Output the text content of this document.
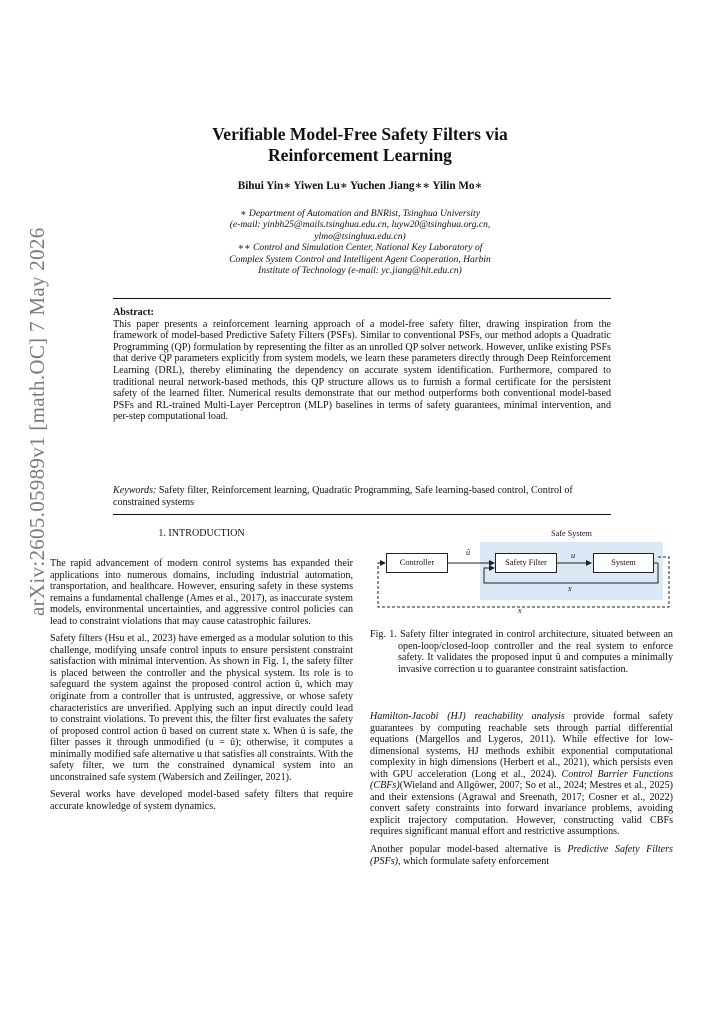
arXiv:2605.05989v1 [math.OC] 7 May 2026
Verifiable Model-Free Safety Filters via
Reinforcement Learning
Bihui Yin∗ Yiwen Lu∗ Yuchen Jiang∗∗ Yilin Mo∗
∗ Department of Automation and BNRist, Tsinghua University
(e-mail: yinbh25@mails.tsinghua.edu.cn, luyw20@tsinghua.org.cn,
ylmo@tsinghua.edu.cn)
∗∗ Control and Simulation Center, National Key Laboratory of
Complex System Control and Intelligent Agent Cooperation, Harbin
Institute of Technology (e-mail: yc.jiang@hit.edu.cn)
Abstract:
This paper presents a reinforcement learning approach of a model-free safety filter, drawing inspiration from the framework of model-based Predictive Safety Filters (PSFs). Similar to conventional PSFs, our method adopts a Quadratic Programming (QP) formulation by representing the filter as an unrolled QP solver network. However, unlike existing PSFs that derive QP parameters explicitly from system models, we learn these parameters directly through Deep Reinforcement Learning (DRL), thereby eliminating the dependency on accurate system identification. Furthermore, compared to traditional neural network-based methods, this QP structure allows us to furnish a formal certificate for the persistent safety of the learned filter. Numerical results demonstrate that our method outperforms both conventional model-based PSFs and RL-trained Multi-Layer Perceptron (MLP) baselines in terms of safety guarantees, minimal intervention, and per-step computational load.
Keywords: Safety filter, Reinforcement learning, Quadratic Programming, Safe learning-based control, Control of constrained systems
1. INTRODUCTION

The rapid advancement of modern control systems has expanded their applications into numerous domains, including industrial automation, transportation, and healthcare. However, ensuring safety in these systems remains a fundamental challenge (Ames et al., 2017), as inaccurate system models, environmental uncertainties, and aggressive control policies can lead to constraint violations that may cause catastrophic failures.

Safety filters (Hsu et al., 2023) have emerged as a modular solution to this challenge, modifying unsafe control inputs to ensure persistent constraint satisfaction with minimal intervention. As shown in Fig. 1, the safety filter is placed between the controller and the physical system. Its role is to safeguard the system against the proposed control action û, which may originate from a controller that is untrusted, aggressive, or whose safety characteristics are unverified. Applying such an input directly could lead to constraint violations. To prevent this, the filter first evaluates the safety of proposed control action û based on current state x. When û is safe, the filter passes it through unmodified (u = û); otherwise, it computes a minimally modified safe alternative u that satisfies all constraints. With the safety filter, we turn the constrained dynamical system into an unconstrained safe system (Wabersich and Zeilinger, 2021).

Several works have developed model-based safety filters that require accurate knowledge of system dynamics.

Safe System
Controller	Safety Filter	System
û	u
x
x
Fig. 1. Safety filter integrated in control architecture, situated between an open-loop/closed-loop controller and the real system to enforce safety. It validates the proposed input û and computes a minimally invasive correction u to guarantee constraint satisfaction.

Hamilton-Jacobi (HJ) reachability analysis provide formal safety guarantees by computing reachable sets through partial differential equations (Margellos and Lygeros, 2011). While effective for low-dimensional systems, HJ methods exhibit exponential computational complexity in high dimensions (Herbert et al., 2021), which persists even with GPU acceleration (Long et al., 2024). Control Barrier Functions (CBFs)(Wieland and Allgöwer, 2007; So et al., 2024; Mestres et al., 2025) and their extensions (Agrawal and Sreenath, 2017; Cosner et al., 2022) convert safety constraints into forward invariance problems, avoiding explicit trajectory computation. However, constructing valid CBFs requires significant manual effort and restrictive assumptions.

Another popular model-based alternative is Predictive Safety Filters (PSFs), which formulate safety enforcement
